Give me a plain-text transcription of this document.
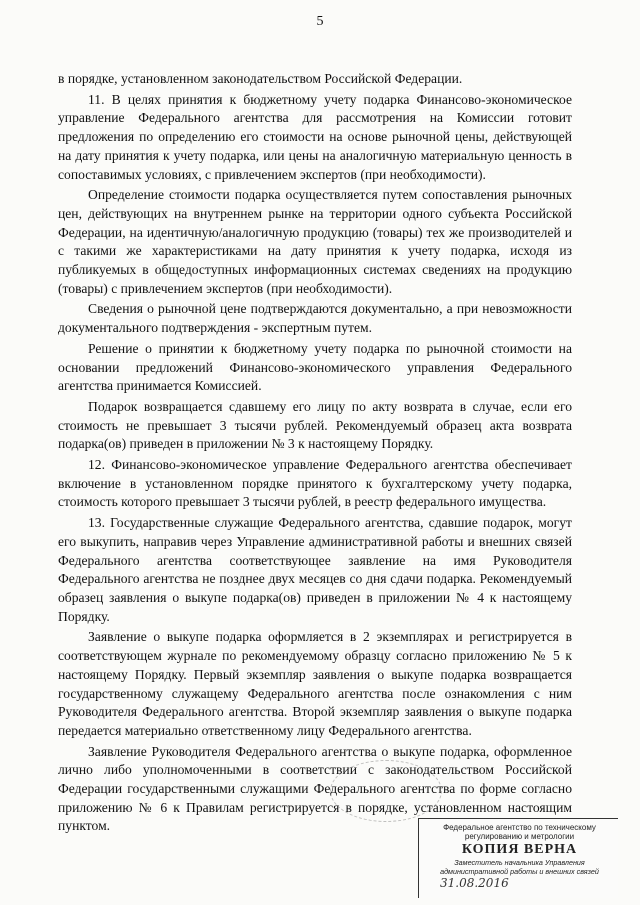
5

в порядке, установленном законодательством Российской Федерации.

11. В целях принятия к бюджетному учету подарка Финансово-экономическое управление Федерального агентства для рассмотрения на Комиссии готовит предложения по определению его стоимости на основе рыночной цены, действующей на дату принятия к учету подарка, или цены на аналогичную материальную ценность в сопоставимых условиях, с привлечением экспертов (при необходимости).

Определение стоимости подарка осуществляется путем сопоставления рыночных цен, действующих на внутреннем рынке на территории одного субъекта Российской Федерации, на идентичную/аналогичную продукцию (товары) тех же производителей и с такими же характеристиками на дату принятия к учету подарка, исходя из публикуемых в общедоступных информационных системах сведениях на продукцию (товары) с привлечением экспертов (при необходимости).

Сведения о рыночной цене подтверждаются документально, а при невозможности документального подтверждения - экспертным путем.

Решение о принятии к бюджетному учету подарка по рыночной стоимости на основании предложений Финансово-экономического управления Федерального агентства принимается Комиссией.

Подарок возвращается сдавшему его лицу по акту возврата в случае, если его стоимость не превышает 3 тысячи рублей. Рекомендуемый образец акта возврата подарка(ов) приведен в приложении № 3 к настоящему Порядку.

12. Финансово-экономическое управление Федерального агентства обеспечивает включение в установленном порядке принятого к бухгалтерскому учету подарка, стоимость которого превышает 3 тысячи рублей, в реестр федерального имущества.

13. Государственные служащие Федерального агентства, сдавшие подарок, могут его выкупить, направив через Управление административной работы и внешних связей Федерального агентства соответствующее заявление на имя Руководителя Федерального агентства не позднее двух месяцев со дня сдачи подарка. Рекомендуемый образец заявления о выкупе подарка(ов) приведен в приложении № 4 к настоящему Порядку.

Заявление о выкупе подарка оформляется в 2 экземплярах и регистрируется в соответствующем журнале по рекомендуемому образцу согласно приложению № 5 к настоящему Порядку. Первый экземпляр заявления о выкупе подарка возвращается государственному служащему Федерального агентства после ознакомления с ним Руководителя Федерального агентства. Второй экземпляр заявления о выкупе подарка передается материально ответственному лицу Федерального агентства.

Заявление Руководителя Федерального агентства о выкупе подарка, оформленное лично либо уполномоченными в соответствии с законодательством Российской Федерации государственными служащими Федерального агентства по форме согласно приложению № 6 к Правилам регистрируется в порядке, установленном настоящим пунктом.	Федеральное агентство по техническому регулированию и метрологии
КОПИЯ ВЕРНА
Заместитель начальника Управления административной работы и внешних связей
31.08.2016
